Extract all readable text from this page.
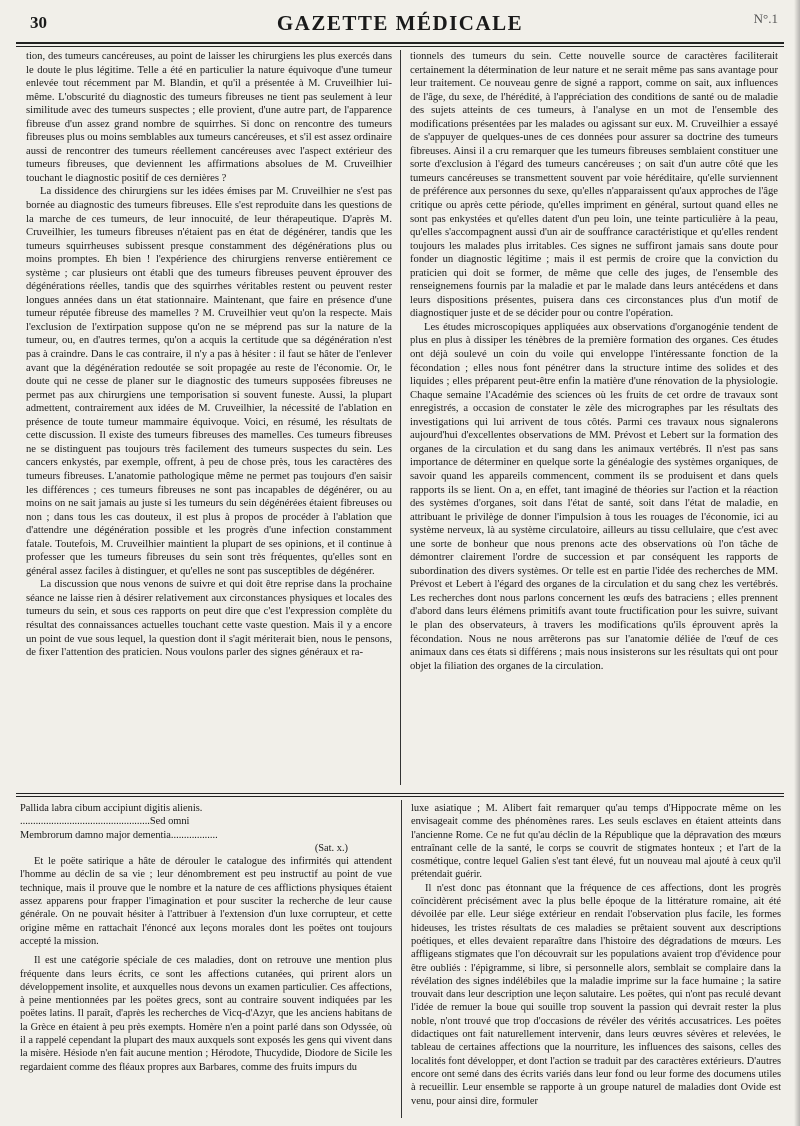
30	GAZETTE MÉDICALE	N°.1

tion, des tumeurs cancéreuses, au point de laisser les chirurgiens les plus exercés dans le doute le plus légitime. Telle a été en particulier la nature équivoque d'une tumeur enlevée tout récemment par M. Blandin, et qu'il a présentée à M. Cruveilhier lui-même. L'obscurité du diagnostic des tumeurs fibreuses ne tient pas seulement à leur similitude avec des tumeurs suspectes ; elle provient, d'une autre part, de l'apparence fibreuse d'un assez grand nombre de squirrhes. Si donc on rencontre des tumeurs fibreuses plus ou moins semblables aux tumeurs cancéreuses, et s'il est assez ordinaire aussi de rencontrer des tumeurs réellement cancéreuses avec l'aspect extérieur des tumeurs fibreuses, que deviennent les affirmations absolues de M. Cruveilhier touchant le diagnostic positif de ces dernières ?

La dissidence des chirurgiens sur les idées émises par M. Cruveilhier ne s'est pas bornée au diagnostic des tumeurs fibreuses. Elle s'est reproduite dans les questions de la marche de ces tumeurs, de leur innocuité, de leur thérapeutique. D'après M. Cruveilhier, les tumeurs fibreuses n'étaient pas en état de dégénérer, tandis que les tumeurs squirrheuses subissent presque constamment des dégénérations plus ou moins promptes. Eh bien ! l'expérience des chirurgiens renverse entièrement ce système ; car plusieurs ont établi que des tumeurs fibreuses peuvent éprouver des dégénérations réelles, tandis que des squirrhes véritables restent ou peuvent rester longues années dans un état stationnaire. Maintenant, que faire en présence d'une tumeur réputée fibreuse des mamelles ? M. Cruveilhier veut qu'on la respecte. Mais l'exclusion de l'extirpation suppose qu'on ne se méprend pas sur la nature de la tumeur, ou, en d'autres termes, qu'on a acquis la certitude que sa dégénération n'est pas à craindre. Dans le cas contraire, il n'y a pas à hésiter : il faut se hâter de l'enlever avant que la dégénération redoutée se soit propagée au reste de l'économie. Or, le doute qui ne cesse de planer sur le diagnostic des tumeurs supposées fibreuses ne permet pas aux chirurgiens une temporisation si souvent funeste. Aussi, la plupart admettent, contrairement aux idées de M. Cruveilhier, la nécessité de l'ablation en présence de toute tumeur mammaire équivoque. Voici, en résumé, les résultats de cette discussion. Il existe des tumeurs fibreuses des mamelles. Ces tumeurs fibreuses ne se distinguent pas toujours très facilement des tumeurs suspectes du sein. Les cancers enkystés, par exemple, offrent, à peu de chose près, tous les caractères des tumeurs fibreuses. L'anatomie pathologique même ne permet pas toujours d'en saisir les différences ; ces tumeurs fibreuses ne sont pas incapables de dégénérer, ou au moins on ne sait jamais au juste si les tumeurs du sein dégénérées étaient fibreuses ou non ; dans tous les cas douteux, il est plus à propos de procéder à l'ablation que d'attendre une dégénération possible et les progrès d'une infection constamment fatale. Toutefois, M. Cruveilhier maintient la plupart de ses opinions, et il continue à professer que les tumeurs fibreuses du sein sont très fréquentes, qu'elles sont en général assez faciles à distinguer, et qu'elles ne sont pas susceptibles de dégénérer.

La discussion que nous venons de suivre et qui doit être reprise dans la prochaine séance ne laisse rien à désirer relativement aux circonstances physiques et locales des tumeurs du sein, et sous ces rapports on peut dire que c'est l'expression complète du résultat des connaissances actuelles touchant cette vaste question. Mais il y a encore un point de vue sous lequel, la question dont il s'agit mériterait bien, nous le pensons, de fixer l'attention des praticien. Nous voulons parler des signes généraux et ra-

tionnels des tumeurs du sein. Cette nouvelle source de caractères faciliterait certainement la détermination de leur nature et ne serait même pas sans avantage pour leur traitement. Ce nouveau genre de signé a rapport, comme on sait, aux influences de l'âge, du sexe, de l'hérédité, à l'appréciation des conditions de santé ou de maladie des sujets atteints de ces tumeurs, à l'analyse en un mot de l'ensemble des modifications présentées par les malades ou agissant sur eux. M. Cruveilhier a essayé de s'appuyer de quelques-unes de ces données pour assurer sa doctrine des tumeurs fibreuses. Ainsi il a cru remarquer que les tumeurs fibreuses semblaient constituer une sorte d'exclusion à l'égard des tumeurs cancéreuses ; on sait d'un autre côté que les tumeurs cancéreuses se transmettent souvent par voie héréditaire, qu'elle surviennent de préférence aux personnes du sexe, qu'elles n'apparaissent qu'aux approches de l'âge critique ou après cette période, qu'elles impriment en général, surtout quand elles ne sont pas enkystées et qu'elles datent d'un peu loin, une teinte particulière à la peau, qu'elles s'accompagnent aussi d'un air de souffrance caractéristique et qu'elles rendent toujours les malades plus irritables. Ces signes ne suffiront jamais sans doute pour fonder un diagnostic légitime ; mais il est permis de croire que la conviction du praticien qui doit se former, de même que celle des juges, de l'ensemble des renseignemens fournis par la maladie et par le malade dans leurs antécédens et dans leurs dispositions présentes, puisera dans ces circonstances plus d'un motif de diagnostiquer juste et de se décider pour ou contre l'opération.

Les études microscopiques appliquées aux observations d'organogénie tendent de plus en plus à dissiper les ténèbres de la première formation des organes. Ces études ont déjà soulevé un coin du voile qui enveloppe l'intéressante fonction de la fécondation ; elles nous font pénétrer dans la structure intime des solides et des liquides ; elles préparent peut-être enfin la matière d'une rénovation de la physiologie. Chaque semaine l'Académie des sciences où les fruits de cet ordre de travaux sont enregistrés, a occasion de constater le zèle des micrographes par les résultats des investigations qui lui arrivent de tous côtés. Parmi ces travaux nous signalerons aujourd'hui d'excellentes observations de MM. Prévost et Lebert sur la formation des organes de la circulation et du sang dans les animaux vertébrés. Il n'est pas sans importance de déterminer en quelque sorte la généalogie des systèmes organiques, de savoir quand les appareils commencent, comment ils se produisent et dans quels rapports ils se lient. On a, en effet, tant imaginé de théories sur l'action et la réaction des systèmes d'organes, soit dans l'état de santé, soit dans l'état de maladie, en attribuant le privilège de donner l'impulsion à tous les rouages de l'économie, ici au système nerveux, là au système circulatoire, ailleurs au tissu cellulaire, que c'est avec une sorte de bonheur que nous prenons acte des observations où l'on tâche de démontrer clairement l'ordre de succession et par conséquent les rapports de subordination des divers systèmes. Or telle est en partie l'idée des recherches de MM. Prévost et Lebert à l'égard des organes de la circulation et du sang chez les vertébrés. Les recherches dont nous parlons concernent les œufs des batraciens ; elles prennent d'abord dans leurs élémens primitifs avant toute fructification pour les suivre, suivant le plan des observateurs, à travers les modifications qu'ils éprouvent après la fécondation. Nous ne nous arrêterons pas sur l'anatomie déliée de l'œuf de ces animaux dans ces états si différens ; mais nous insisterons sur les résultats qui ont pour objet la filiation des organes de la circulation.

Pallida labra cibum accipiunt digitis alienis.

..................................................Sed omni

Membrorum damno major dementia..................

(Sat. x.)

Et le poëte satirique a hâte de dérouler le catalogue des infirmités qui attendent l'homme au déclin de sa vie ; leur dénombrement est peu instructif au point de vue technique, mais il prouve que le nombre et la nature de ces afflictions physiques étaient assez apparens pour frapper l'imagination et pour susciter la recherche de leur cause générale. On ne pouvait hésiter à l'attribuer à l'extension d'un luxe corrupteur, et cette origine même en rattachait l'énoncé aux leçons morales dont les poëtes ont toujours accepté la mission.

Il est une catégorie spéciale de ces maladies, dont on retrouve une mention plus fréquente dans leurs écrits, ce sont les affections cutanées, qui prirent alors un développement insolite, et auxquelles nous devons un examen particulier. Ces affections, à peine mentionnées par les poëtes grecs, sont au contraire souvent indiquées par les poëtes latins. Il paraît, d'après les recherches de Vicq-d'Azyr, que les anciens habitans de la Grèce en étaient à peu près exempts. Homère n'en a point parlé dans son Odyssée, où il a rappelé cependant la plupart des maux auxquels sont exposés les gens qui vivent dans la misère. Hésiode n'en fait aucune mention ; Hérodote, Thucydide, Diodore de Sicile les regardaient comme des fléaux propres aux Barbares, comme des fruits impurs du

luxe asiatique ; M. Alibert fait remarquer qu'au temps d'Hippocrate même on les envisageait comme des phénomènes rares. Les seuls esclaves en étaient atteints dans l'ancienne Rome. Ce ne fut qu'au déclin de la République que la dépravation des mœurs entraînant celle de la santé, le corps se couvrit de stigmates honteux ; et l'art de la cosmétique, contre lequel Galien s'est tant élevé, fut un nouveau mal ajouté à ceux qu'il prétendait guérir.

Il n'est donc pas étonnant que la fréquence de ces affections, dont les progrès coïncidèrent précisément avec la plus belle époque de la littérature romaine, ait été dévoilée par elle. Leur siége extérieur en rendait l'observation plus facile, les formes hideuses, les tristes résultats de ces maladies se prêtaient souvent aux descriptions poétiques, et elles devaient reparaître dans l'histoire des dégradations de mœurs. Les affligeans stigmates que l'on découvrait sur les populations avaient trop d'évidence pour être oubliés : l'épigramme, si libre, si personnelle alors, semblait se complaire dans la révélation des signes indélébiles que la maladie imprime sur la face humaine ; la satire trouvait dans leur description une leçon salutaire. Les poëtes, qui n'ont pas reculé devant l'idée de remuer la boue qui souille trop souvent la passion qui devrait rester la plus noble, n'ont trouvé que trop d'occasions de révéler des vérités accusatrices. Les poëtes didactiques ont fait naturellement intervenir, dans leurs œuvres sévères et relevées, le tableau de certaines affections que la nourriture, les influences des saisons, celles des localités font développer, et dont l'action se traduit par des caractères extérieurs. D'autres encore ont semé dans des écrits variés dans leur fond ou leur forme des documens utiles à recueillir. Leur ensemble se rapporte à un groupe naturel de maladies dont Ovide est venu, pour ainsi dire, formuler
